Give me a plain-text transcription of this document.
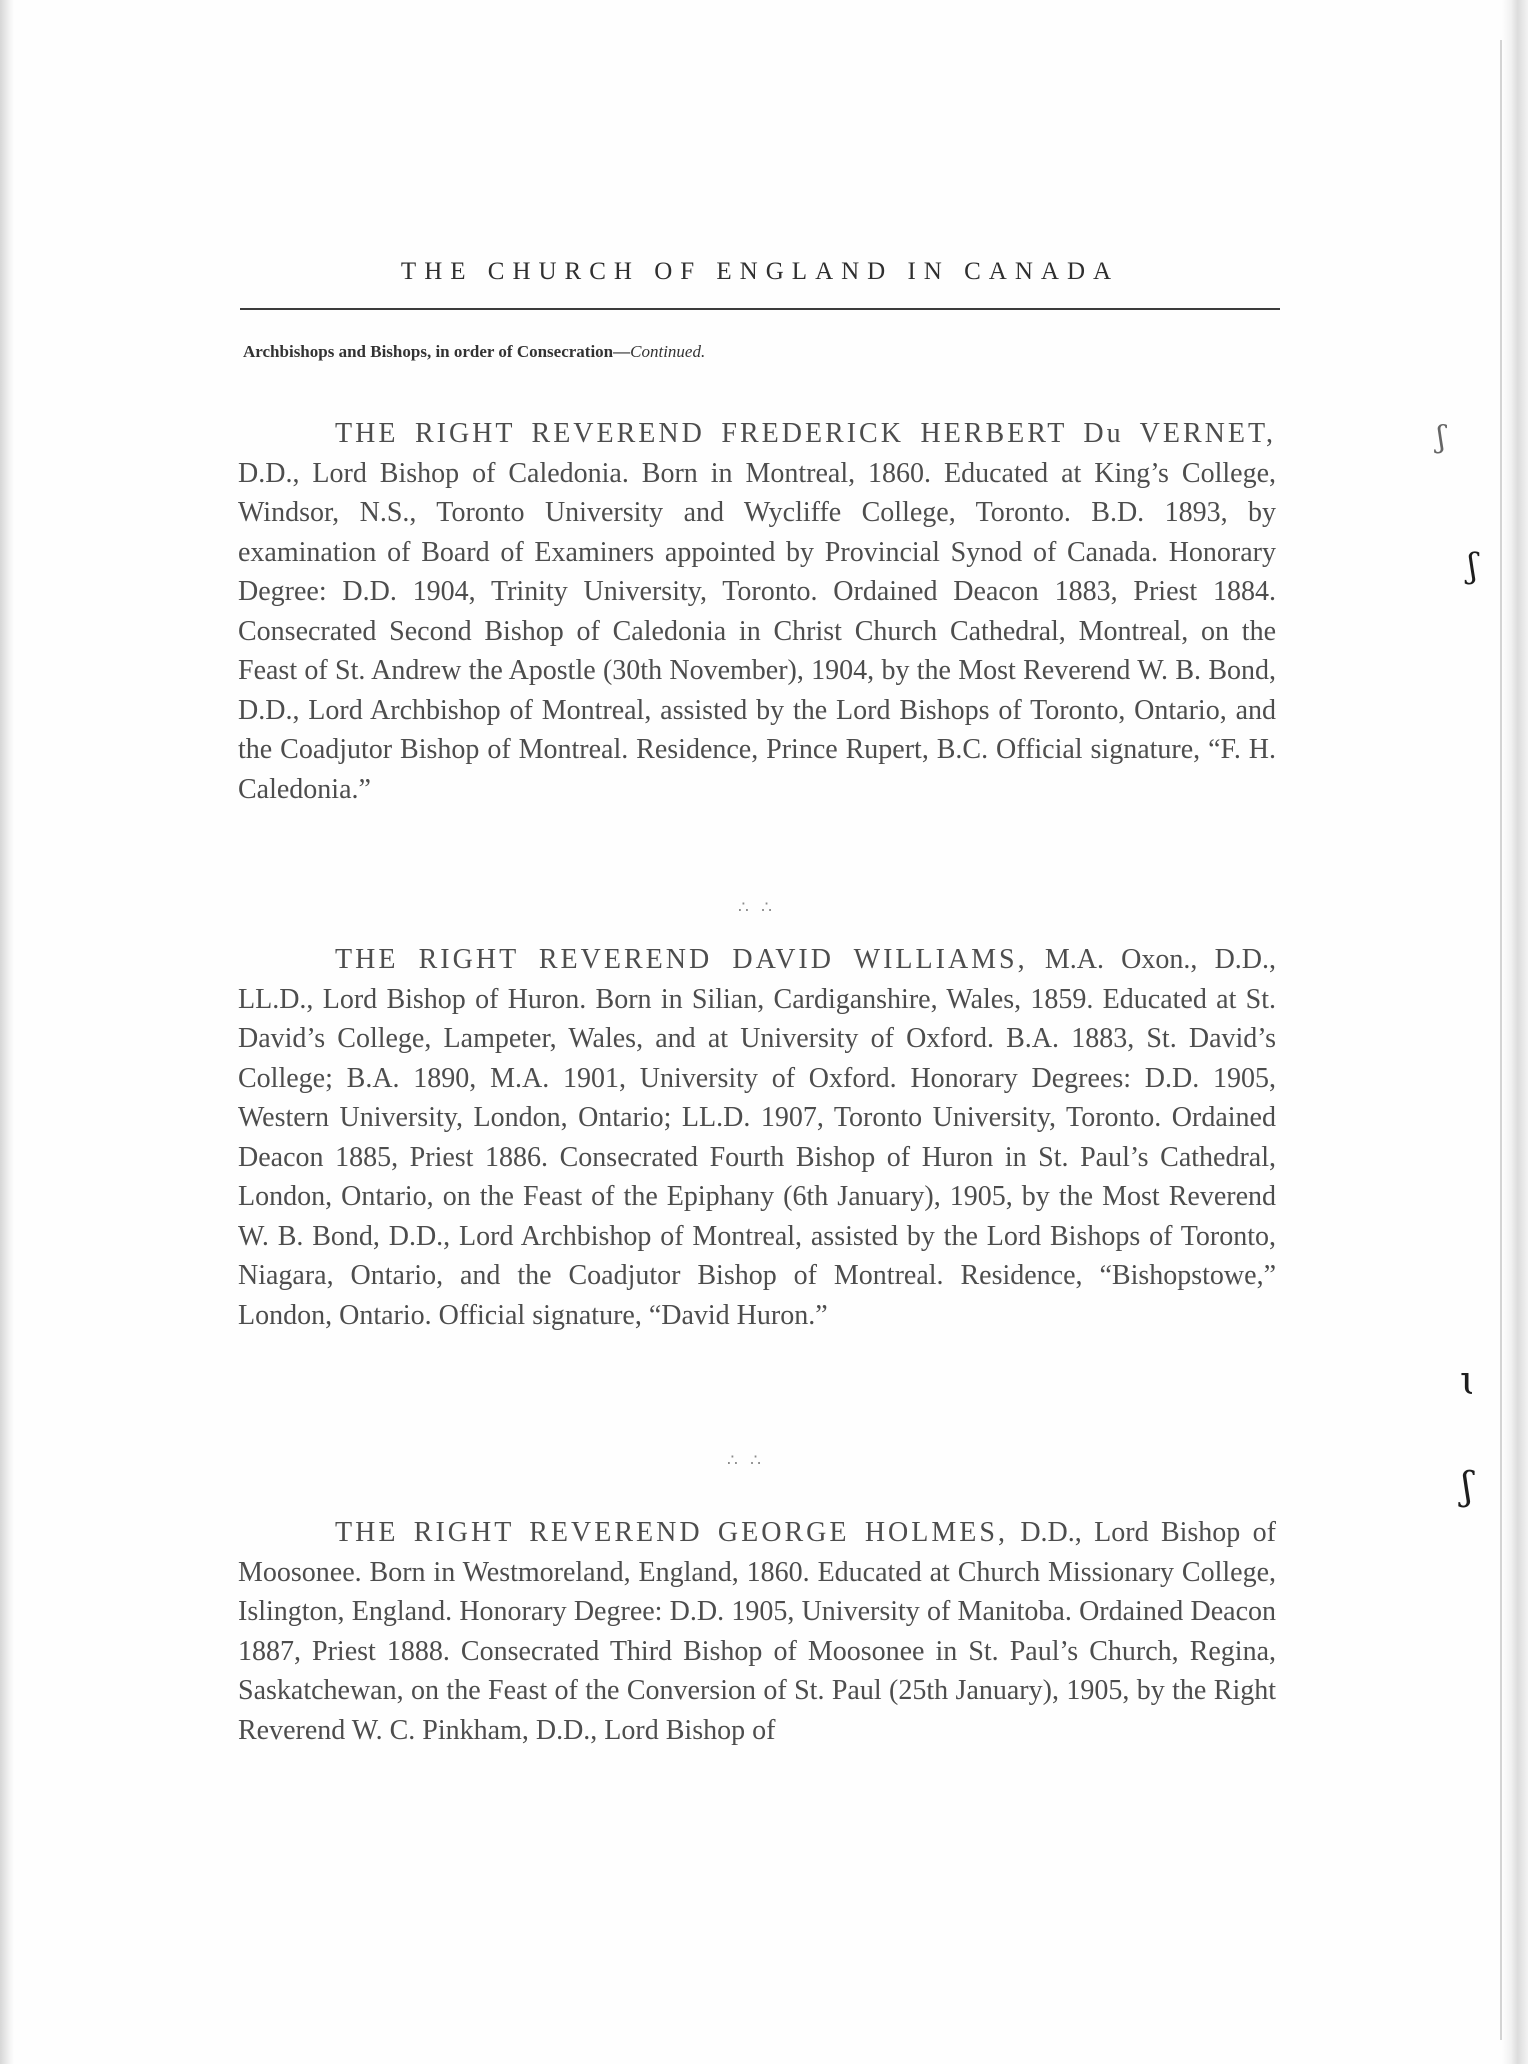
THE CHURCH OF ENGLAND IN CANADA
Archbishops and Bishops, in order of Consecration—Continued.
THE RIGHT REVEREND FREDERICK HERBERT Du VERNET, D.D., Lord Bishop of Caledonia. Born in Montreal, 1860. Educated at King’s College, Windsor, N.S., Toronto University and Wycliffe College, Toronto. B.D. 1893, by examination of Board of Examiners appointed by Provincial Synod of Canada. Honorary Degree: D.D. 1904, Trinity University, Toronto. Ordained Deacon 1883, Priest 1884. Consecrated Second Bishop of Caledonia in Christ Church Cathedral, Montreal, on the Feast of St. Andrew the Apostle (30th November), 1904, by the Most Reverend W. B. Bond, D.D., Lord Archbishop of Montreal, assisted by the Lord Bishops of Toronto, Ontario, and the Coadjutor Bishop of Montreal. Residence, Prince Rupert, B.C. Official signature, “F. H. Caledonia.”
∴ ∴
THE RIGHT REVEREND DAVID WILLIAMS, M.A. Oxon., D.D., LL.D., Lord Bishop of Huron. Born in Silian, Cardiganshire, Wales, 1859. Educated at St. David’s College, Lampeter, Wales, and at University of Oxford. B.A. 1883, St. David’s College; B.A. 1890, M.A. 1901, University of Oxford. Honorary Degrees: D.D. 1905, Western University, London, Ontario; LL.D. 1907, Toronto University, Toronto. Ordained Deacon 1885, Priest 1886. Consecrated Fourth Bishop of Huron in St. Paul’s Cathedral, London, Ontario, on the Feast of the Epiphany (6th January), 1905, by the Most Reverend W. B. Bond, D.D., Lord Archbishop of Montreal, assisted by the Lord Bishops of Toronto, Niagara, Ontario, and the Coadjutor Bishop of Montreal. Residence, “Bishopstowe,” London, Ontario. Official signature, “David Huron.”
∴ ∴
THE RIGHT REVEREND GEORGE HOLMES, D.D., Lord Bishop of Moosonee. Born in Westmoreland, England, 1860. Educated at Church Missionary College, Islington, England. Honorary Degree: D.D. 1905, University of Manitoba. Ordained Deacon 1887, Priest 1888. Consecrated Third Bishop of Moosonee in St. Paul’s Church, Regina, Saskatchewan, on the Feast of the Conversion of St. Paul (25th January), 1905, by the Right Reverend W. C. Pinkham, D.D., Lord Bishop of
ʃ
ʃ
ɩ
ʃ
